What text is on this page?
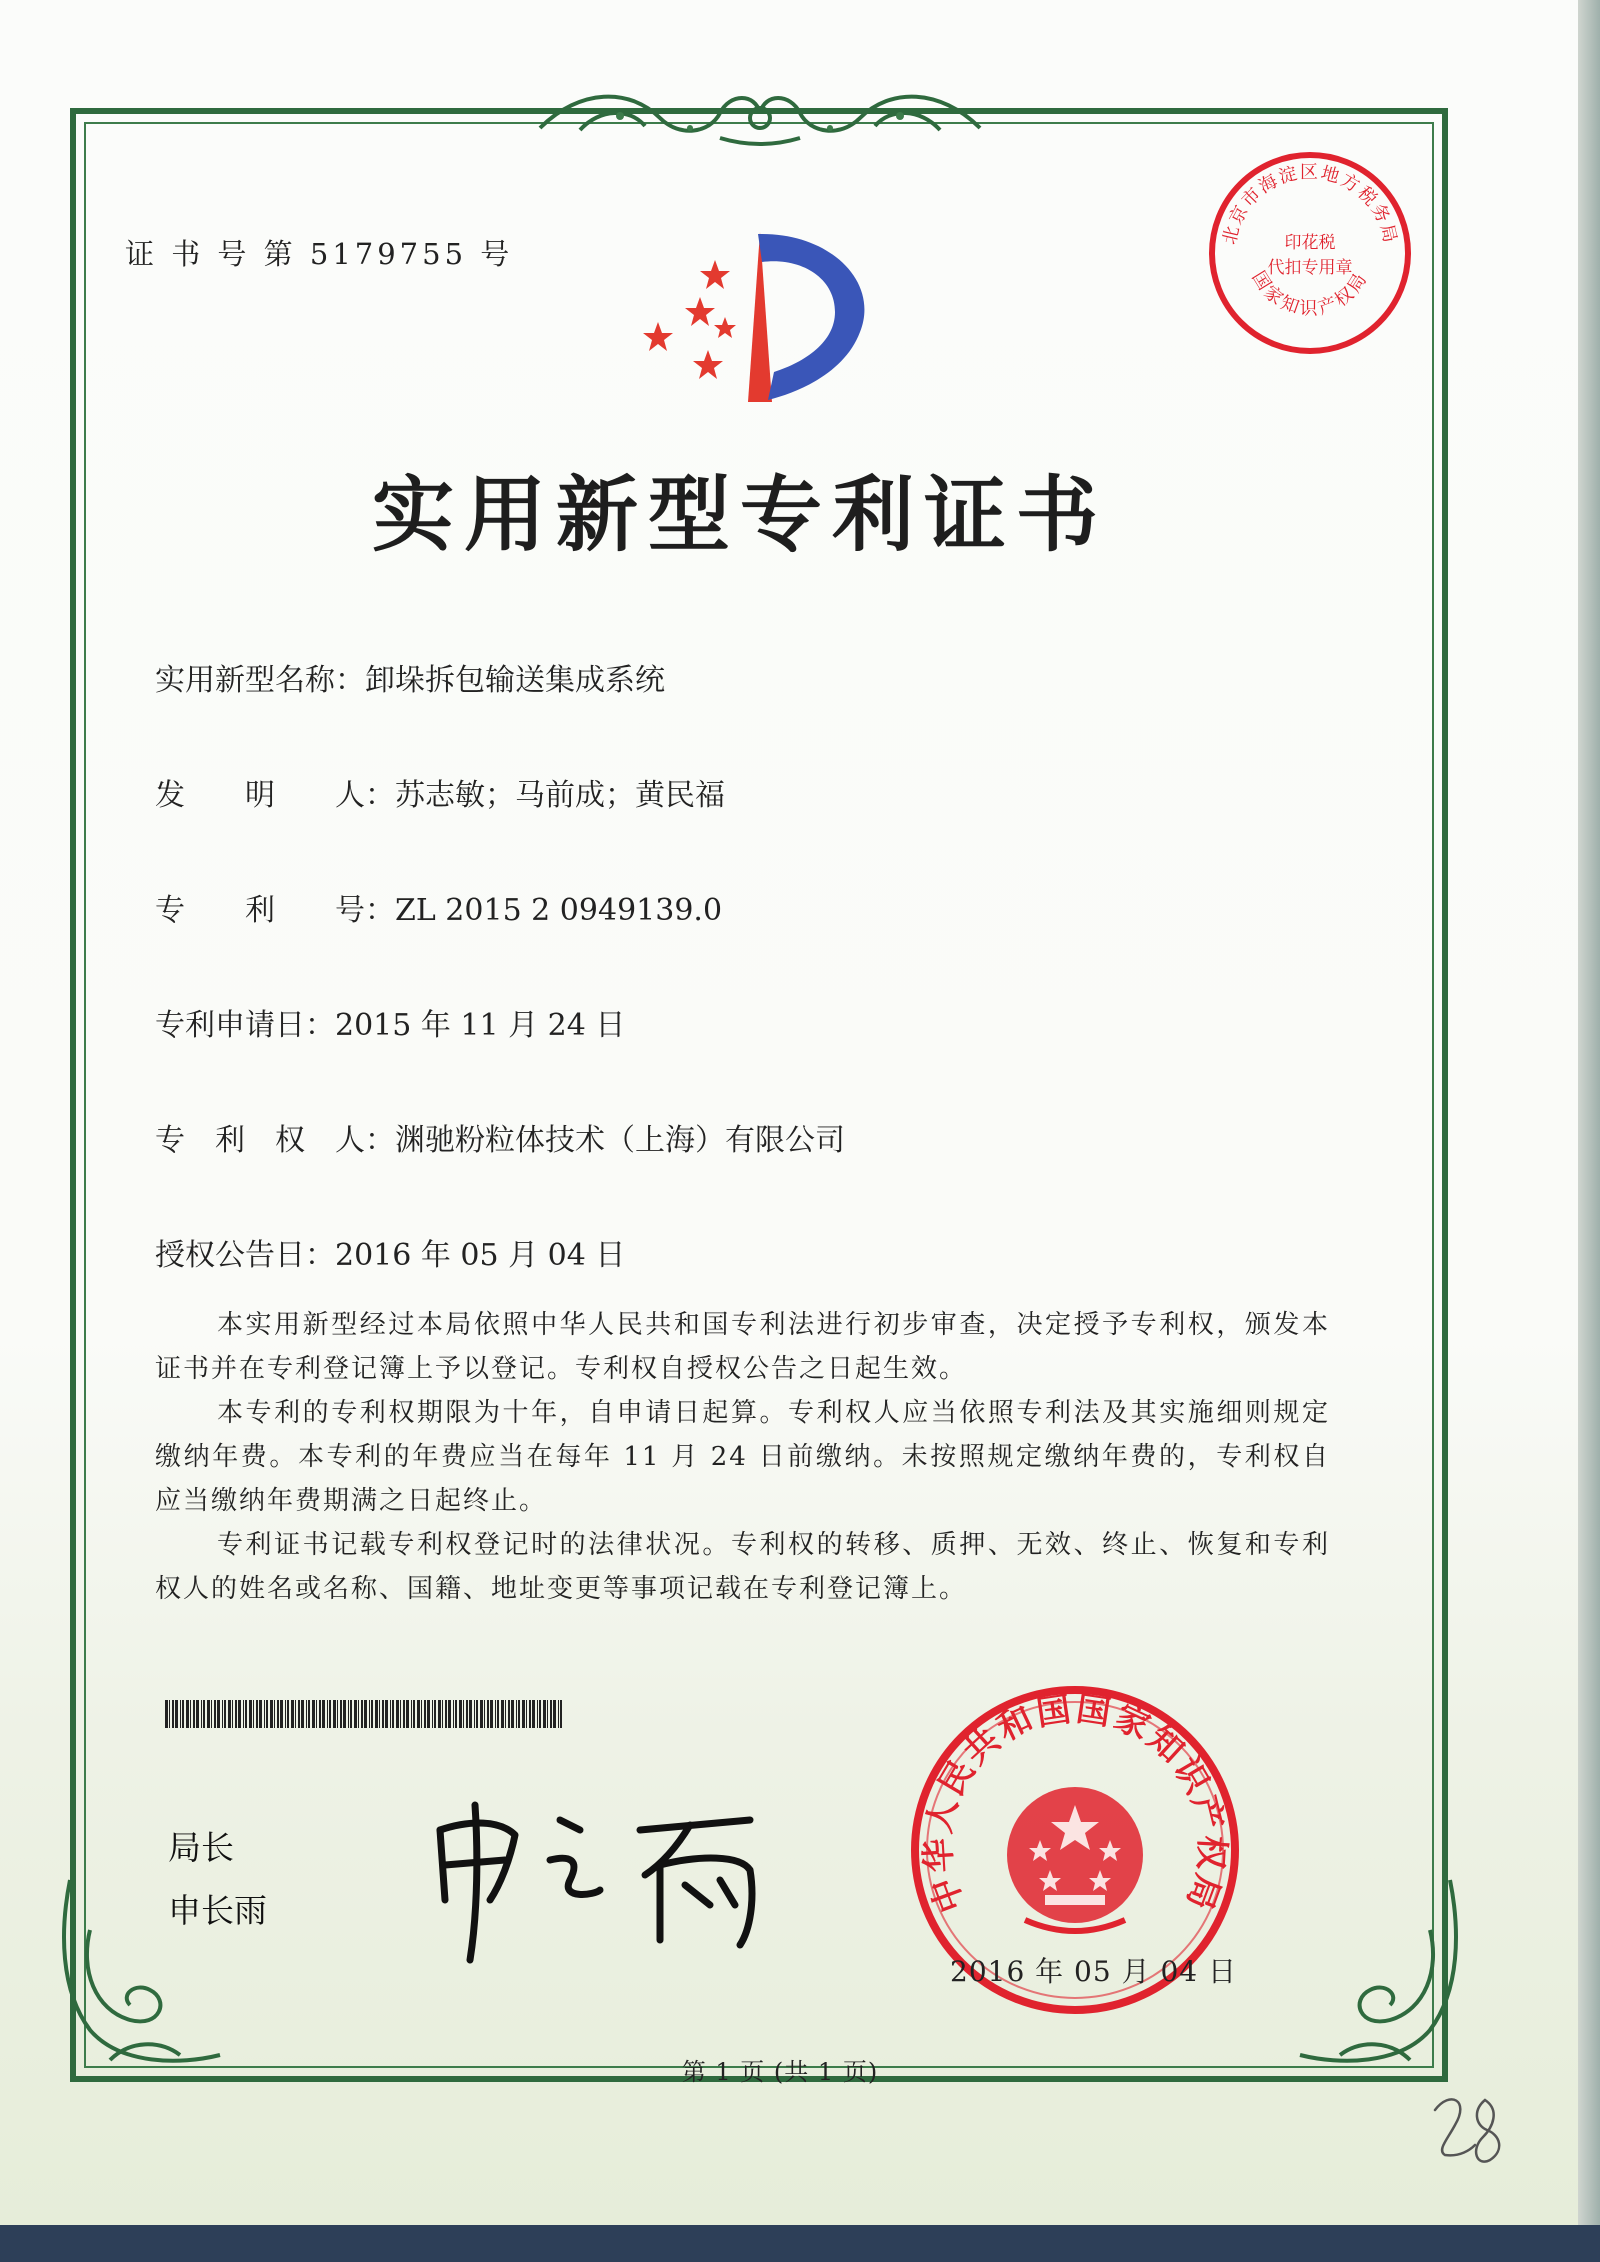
证 书 号 第 5179755 号
北京市海淀区地方税务局
国家知识产权局
印花税
代扣专用章
实用新型专利证书
实用新型名称：卸垛拆包输送集成系统
发　　明　　人：苏志敏；马前成；黄民福
专　　利　　号：ZL 2015 2 0949139.0
专利申请日：2015 年 11 月 24 日
专　利　权　人：渊驰粉粒体技术（上海）有限公司
授权公告日：2016 年 05 月 04 日

本实用新型经过本局依照中华人民共和国专利法进行初步审查，决定授予专利权，颁发本证书并在专利登记簿上予以登记。专利权自授权公告之日起生效。

本专利的专利权期限为十年，自申请日起算。专利权人应当依照专利法及其实施细则规定缴纳年费。本专利的年费应当在每年 11 月 24 日前缴纳。未按照规定缴纳年费的，专利权自应当缴纳年费期满之日起终止。

专利证书记载专利权登记时的法律状况。专利权的转移、质押、无效、终止、恢复和专利权人的姓名或名称、国籍、地址变更等事项记载在专利登记簿上。

局长
申长雨	中华人民共和国国家知识产权局
2016 年 05 月 04 日
第 1 页 (共 1 页)
